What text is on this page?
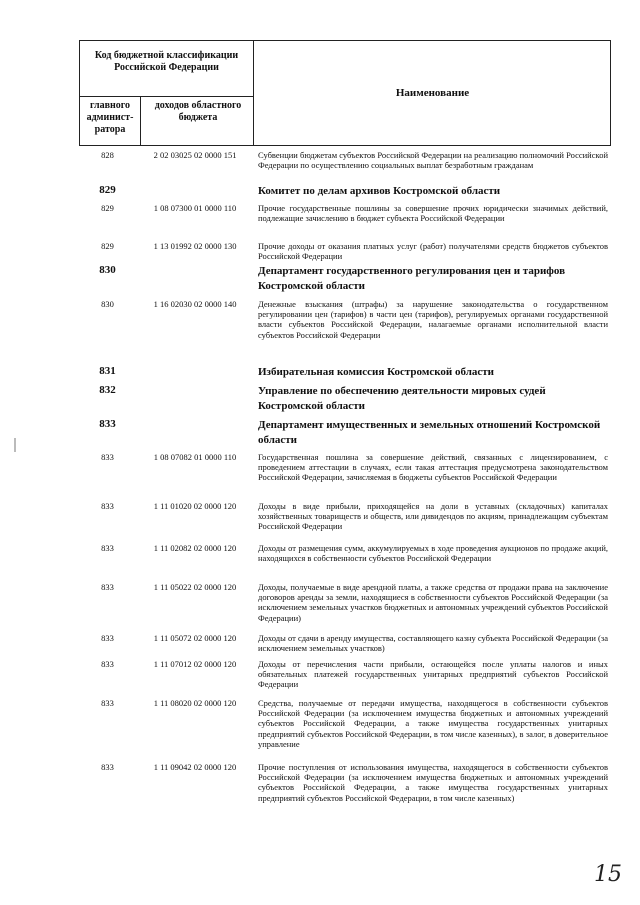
Код бюджетной классификации Российской Федерации
главного админист-ратора
доходов областного бюджета
Наименование
828	2 02 03025 02 0000 151	Субвенции бюджетам субъектов Российской Федерации на реализацию полномочий Российской Федерации по осуществлению социальных выплат безработным гражданам
829	Комитет по делам архивов Костромской области
829	1 08 07300 01 0000 110	Прочие государственные пошлины за совершение прочих юридически значимых действий, подлежащие зачислению в бюджет субъекта Российской Федерации
829	1 13 01992 02 0000 130	Прочие доходы от оказания платных услуг (работ) получателями средств бюджетов субъектов Российской Федерации
830	Департамент государственного регулирования цен и тарифов Костромской области
830	1 16 02030 02 0000 140	Денежные взыскания (штрафы) за нарушение законодательства о государственном регулировании цен (тарифов) в части цен (тарифов), регулируемых органами государственной власти субъектов Российской Федерации, налагаемые органами исполнительной власти субъектов Российской Федерации
831	Избирательная комиссия Костромской области
832	Управление по обеспечению деятельности мировых судей Костромской области
833	Департамент имущественных и земельных отношений Костромской области
833	1 08 07082 01 0000 110	Государственная пошлина за совершение действий, связанных с лицензированием, с проведением аттестации в случаях, если такая аттестация предусмотрена законодательством Российской Федерации, зачисляемая в бюджеты субъектов Российской Федерации
833	1 11 01020 02 0000 120	Доходы в виде прибыли, приходящейся на доли в уставных (складочных) капиталах хозяйственных товариществ и обществ, или дивидендов по акциям, принадлежащим субъектам Российской Федерации
833	1 11 02082 02 0000 120	Доходы от размещения сумм, аккумулируемых в ходе проведения аукционов по продаже акций, находящихся в собственности субъектов Российской Федерации
833	1 11 05022 02 0000 120	Доходы, получаемые в виде арендной платы, а также средства от продажи права на заключение договоров аренды за земли, находящиеся в собственности субъектов Российской Федерации (за исключением земельных участков бюджетных и автономных учреждений субъектов Российской Федерации)
833	1 11 05072 02 0000 120	Доходы от сдачи в аренду имущества, составляющего казну субъекта Российской Федерации (за исключением земельных участков)
833	1 11 07012 02 0000 120	Доходы от перечисления части прибыли, остающейся после уплаты налогов и иных обязательных платежей государственных унитарных предприятий субъектов Российской Федерации
833	1 11 08020 02 0000 120	Средства, получаемые от передачи имущества, находящегося в собственности субъектов Российской Федерации (за исключением имущества бюджетных и автономных учреждений субъектов Российской Федерации, а также имущества государственных унитарных предприятий субъектов Российской Федерации, в том числе казенных), в залог, в доверительное управление
833	1 11 09042 02 0000 120	Прочие поступления от использования имущества, находящегося в собственности субъектов Российской Федерации (за исключением имущества бюджетных и автономных учреждений субъектов Российской Федерации, а также имущества государственных унитарных предприятий субъектов Российской Федерации, в том числе казенных)
15
